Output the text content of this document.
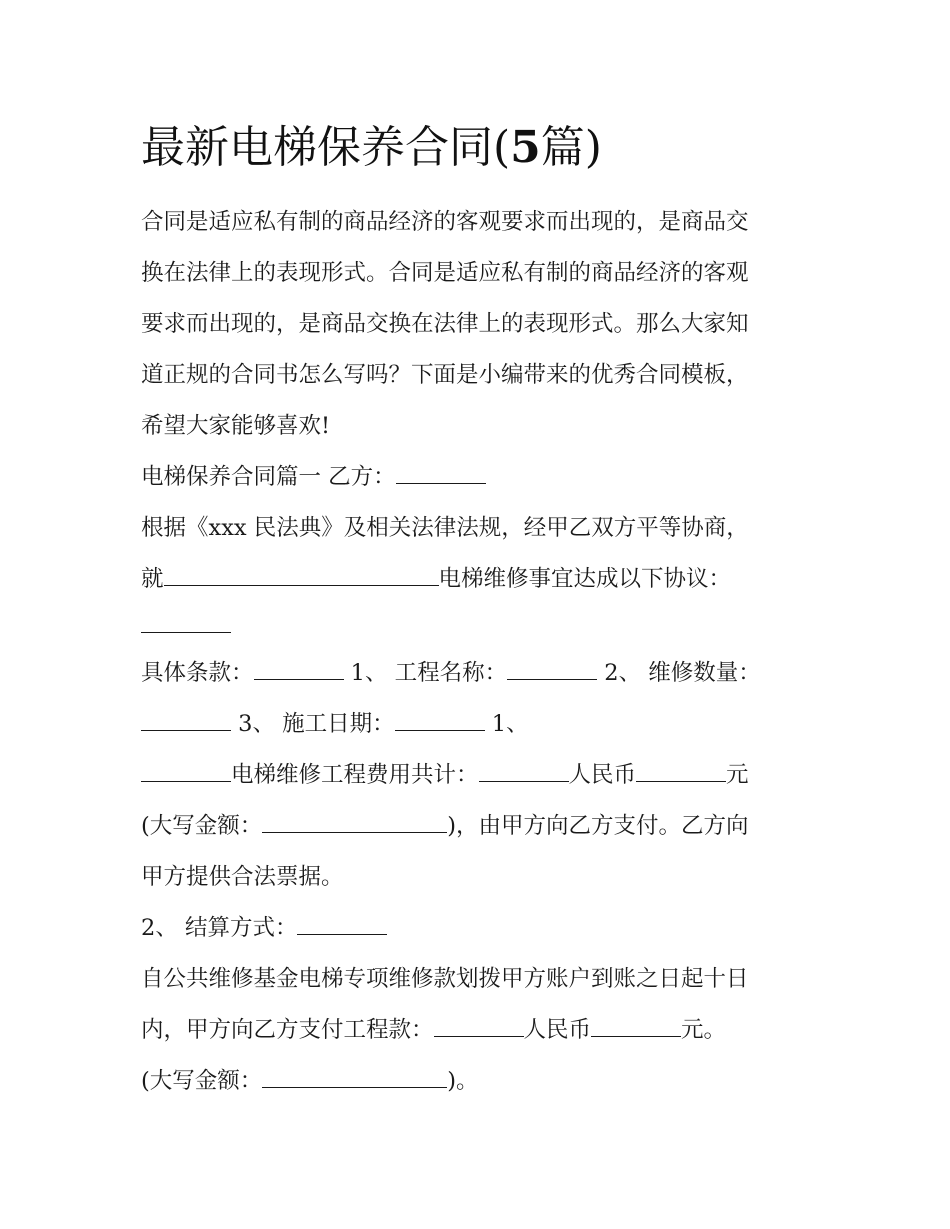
最新电梯保养合同(5篇)

合同是适应私有制的商品经济的客观要求而出现的，是商品交

换在法律上的表现形式。合同是适应私有制的商品经济的客观

要求而出现的，是商品交换在法律上的表现形式。那么大家知

道正规的合同书怎么写吗？下面是小编带来的优秀合同模板，

希望大家能够喜欢!

电梯保养合同篇一 乙方：

根据《xxx 民法典》及相关法律法规，经甲乙双方平等协商，

就	电梯维修事宜达成以下协议：

具体条款：	1、 工程名称：	2、 维修数量：

3、 施工日期：	1、

电梯维修工程费用共计：	人民币	元

(大写金额：	)，由甲方向乙方支付。乙方向

甲方提供合法票据。

2、 结算方式：

自公共维修基金电梯专项维修款划拨甲方账户到账之日起十日

内，甲方向乙方支付工程款：	人民币	元。

(大写金额：	)。
